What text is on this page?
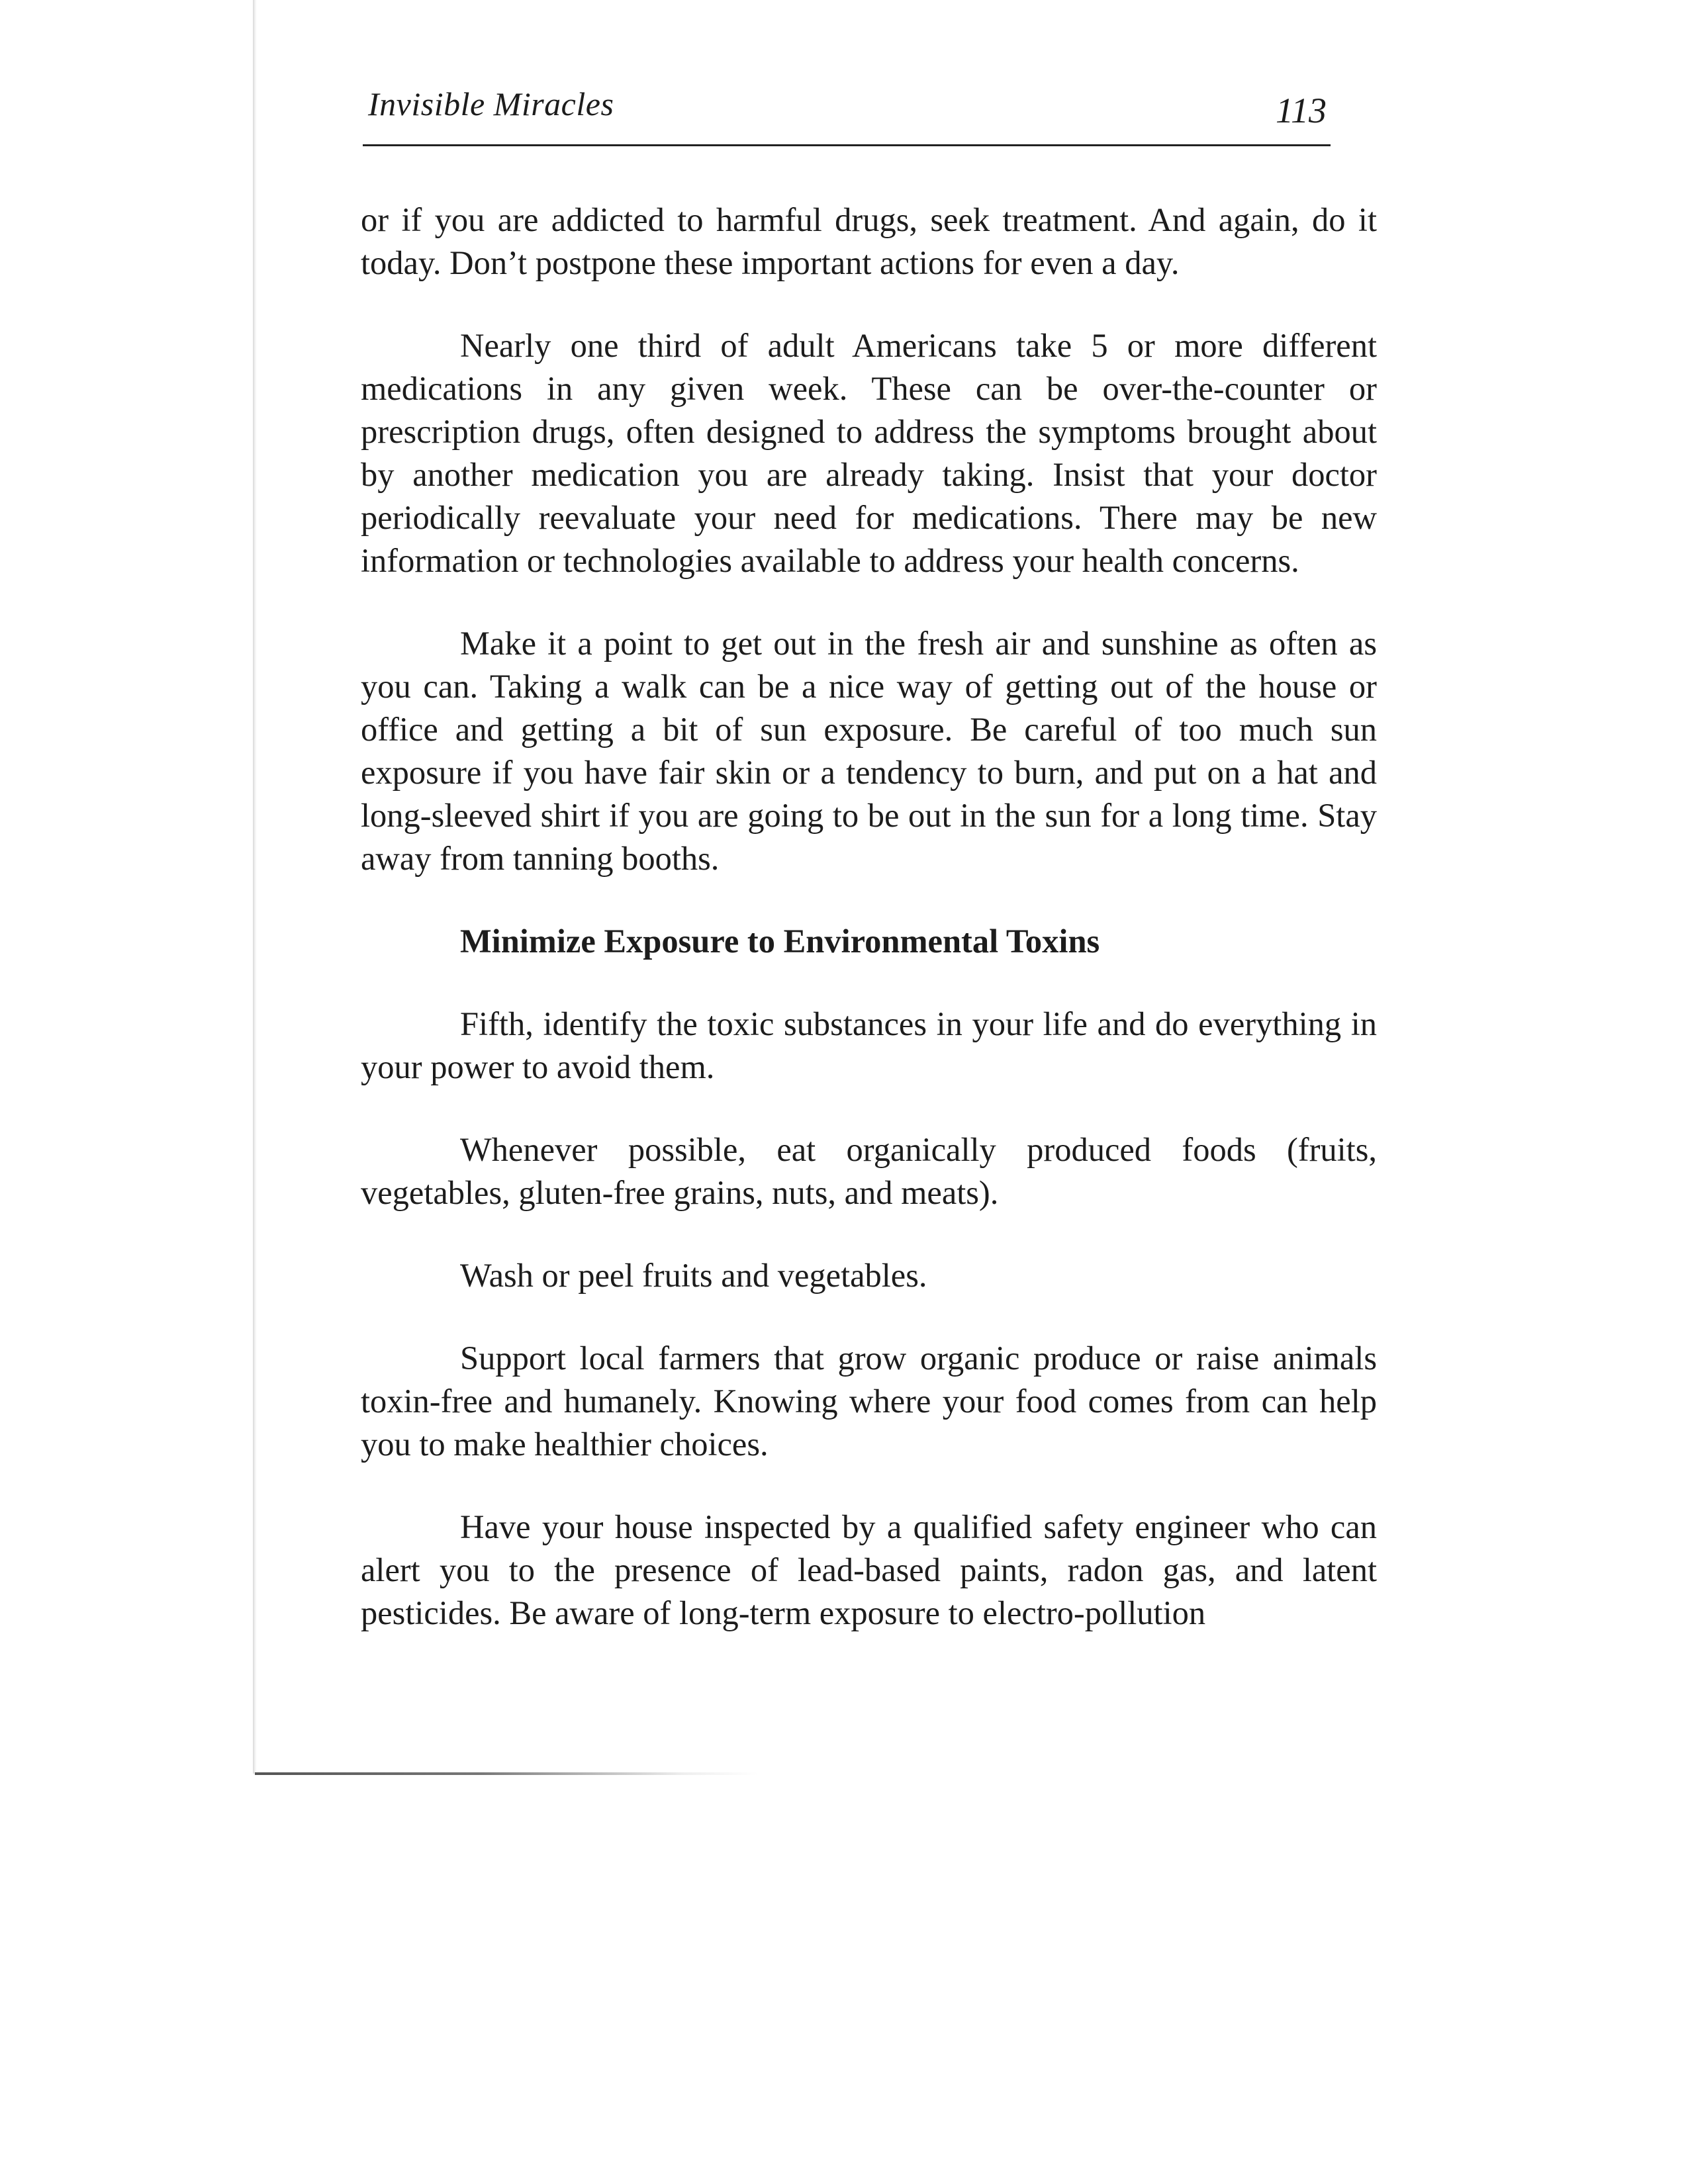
Invisible Miracles	113

or if you are addicted to harmful drugs, seek treatment. And again, do it today. Don’t postpone these important actions for even a day.

Nearly one third of adult Americans take 5 or more different medications in any given week. These can be over-the-counter or prescription drugs, often designed to address the symptoms brought about by another medication you are already taking. Insist that your doctor periodically reevaluate your need for medications. There may be new information or technologies available to address your health concerns.

Make it a point to get out in the fresh air and sunshine as often as you can. Taking a walk can be a nice way of getting out of the house or office and getting a bit of sun exposure. Be careful of too much sun exposure if you have fair skin or a tendency to burn, and put on a hat and long-sleeved shirt if you are going to be out in the sun for a long time. Stay away from tanning booths.

Minimize Exposure to Environmental Toxins

Fifth, identify the toxic substances in your life and do everything in your power to avoid them.

Whenever possible, eat organically produced foods (fruits, vegetables, gluten-free grains, nuts, and meats).

Wash or peel fruits and vegetables.

Support local farmers that grow organic produce or raise animals toxin-free and humanely. Knowing where your food comes from can help you to make healthier choices.

Have your house inspected by a qualified safety engineer who can alert you to the presence of lead-based paints, radon gas, and latent pesticides. Be aware of long-term exposure to electro-pollution
